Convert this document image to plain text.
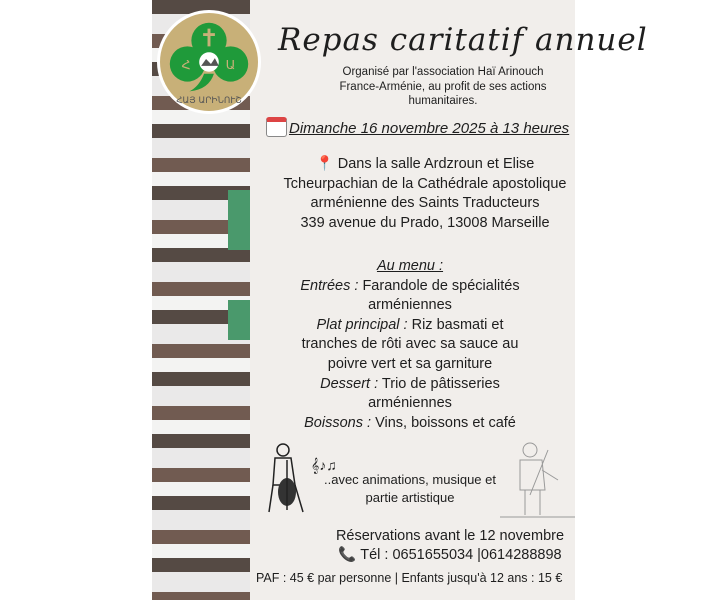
Հ	Ա
ՀԱՅ ԱՐԻՆՈՒՇ
Repas caritatif annuel
Organisé par l'association Haï Arinouch
France-Arménie, au profit de ses actions
humanitaires.
Dimanche 16 novembre 2025 à 13 heures
📍 Dans la salle Ardzroun et Elise
Tcheurpachian de la Cathédrale apostolique
arménienne des Saints Traducteurs
339 avenue du Prado, 13008 Marseille
Au menu :
Entrées : Farandole de spécialités
arméniennes
Plat principal : Riz basmati et
tranches de rôti avec sa sauce au
poivre vert et sa garniture
Dessert : Trio de pâtisseries
arméniennes
Boissons : Vins, boissons et café
𝄞♪♫
..avec animations, musique et
partie artistique
Réservations avant le 12 novembre
📞 Tél : 0651655034 |0614288898
PAF : 45 € par personne | Enfants jusqu'à 12 ans : 15 €
